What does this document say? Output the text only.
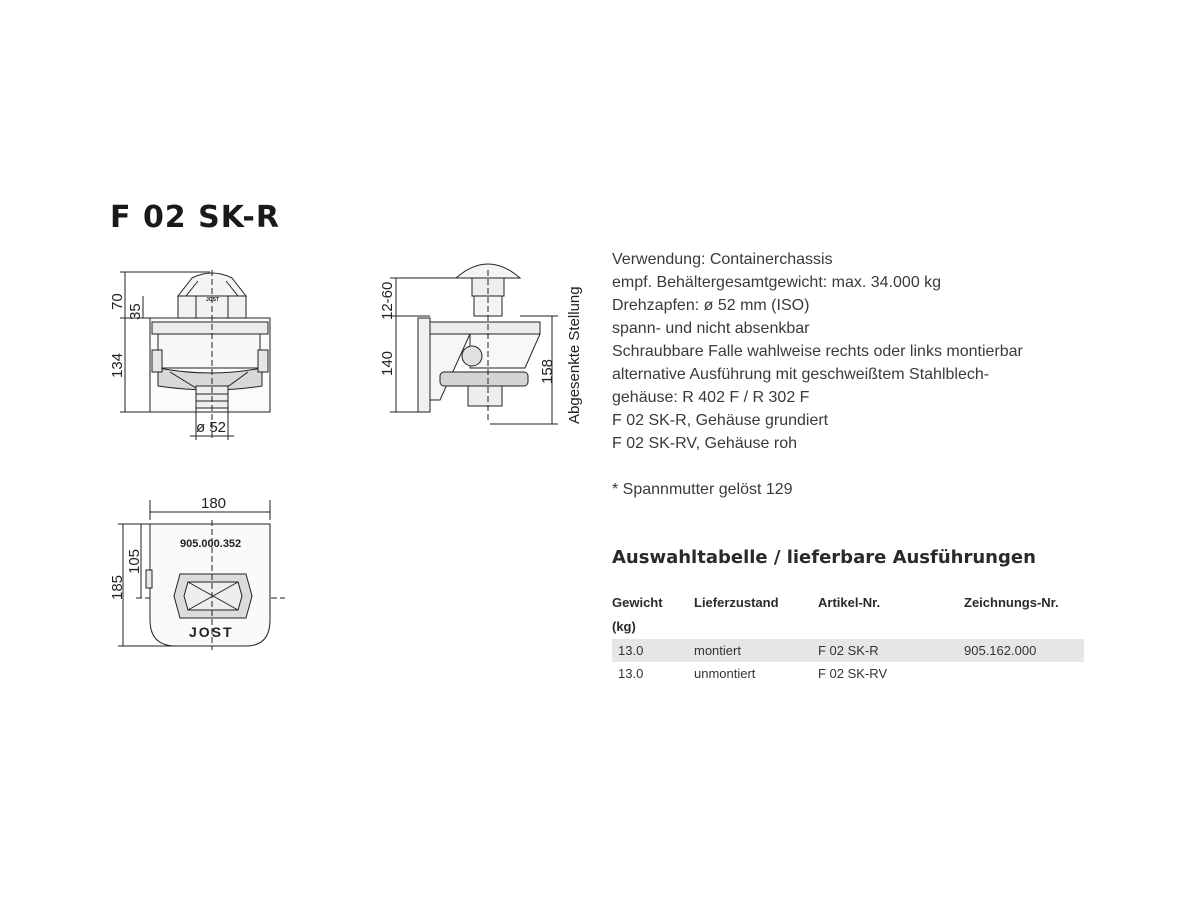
F 02 SK-R
70
35
134
ø 52
12-60
140	158 Abgesenkte Stellung
180
105
185
905.000.352
JOST
JOST
Verwendung: Containerchassis
empf. Behältergesamtgewicht: max. 34.000 kg
Drehzapfen: ø 52 mm (ISO)
spann- und nicht absenkbar
Schraubbare Falle wahlweise rechts oder links montierbar
alternative Ausführung mit geschweißtem Stahlblech-
gehäuse: R 402 F / R 302 F
F 02 SK-R, Gehäuse grundiert
F 02 SK-RV, Gehäuse roh
* Spannmutter gelöst 129
Auswahltabelle / lieferbare Ausführungen
Gewicht
(kg)
Lieferzustand	Artikel-Nr.	Zeichnungs-Nr.
13.0	montiert	F 02 SK-R	905.162.000
13.0	unmontiert	F 02 SK-RV
